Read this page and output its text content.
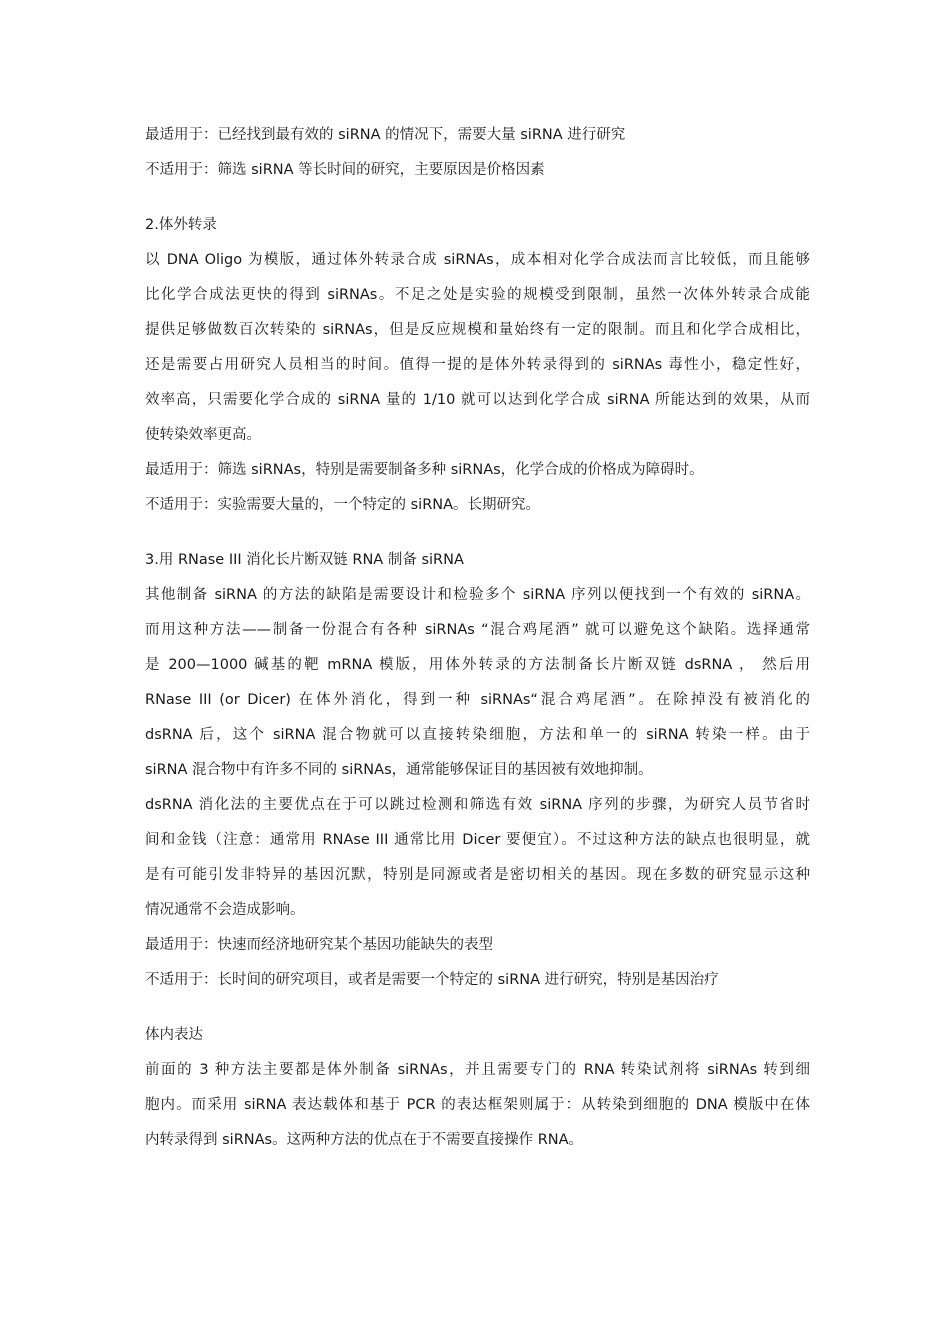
最适用于：已经找到最有效的 siRNA 的情况下，需要大量 siRNA 进行研究
不适用于：筛选 siRNA 等长时间的研究，主要原因是价格因素
2.体外转录
以 DNA Oligo 为模版，通过体外转录合成 siRNAs，成本相对化学合成法而言比较低，而且能够
比化学合成法更快的得到 siRNAs。不足之处是实验的规模受到限制，虽然一次体外转录合成能
提供足够做数百次转染的 siRNAs，但是反应规模和量始终有一定的限制。而且和化学合成相比，
还是需要占用研究人员相当的时间。值得一提的是体外转录得到的 siRNAs 毒性小，稳定性好，
效率高，只需要化学合成的 siRNA 量的 1/10 就可以达到化学合成 siRNA 所能达到的效果，从而
使转染效率更高。
最适用于：筛选 siRNAs，特别是需要制备多种 siRNAs，化学合成的价格成为障碍时。
不适用于：实验需要大量的，一个特定的 siRNA。长期研究。
3.用 RNase III 消化长片断双链 RNA 制备 siRNA
其他制备 siRNA 的方法的缺陷是需要设计和检验多个 siRNA 序列以便找到一个有效的 siRNA。
而用这种方法——制备一份混合有各种 siRNAs “混合鸡尾酒” 就可以避免这个缺陷。选择通常
是 200—1000 碱基的靶 mRNA 模版，用体外转录的方法制备长片断双链 dsRNA ， 然后用
RNase III (or Dicer) 在体外消化，得到一种 siRNAs“混合鸡尾酒”。在除掉没有被消化的
dsRNA 后，这个 siRNA 混合物就可以直接转染细胞，方法和单一的 siRNA 转染一样。由于
siRNA 混合物中有许多不同的 siRNAs，通常能够保证目的基因被有效地抑制。
dsRNA 消化法的主要优点在于可以跳过检测和筛选有效 siRNA 序列的步骤，为研究人员节省时
间和金钱（注意：通常用 RNAse III 通常比用 Dicer 要便宜）。不过这种方法的缺点也很明显，就
是有可能引发非特异的基因沉默，特别是同源或者是密切相关的基因。现在多数的研究显示这种
情况通常不会造成影响。
最适用于：快速而经济地研究某个基因功能缺失的表型
不适用于：长时间的研究项目，或者是需要一个特定的 siRNA 进行研究，特别是基因治疗
体内表达
前面的 3 种方法主要都是体外制备 siRNAs，并且需要专门的 RNA 转染试剂将 siRNAs 转到细
胞内。而采用 siRNA 表达载体和基于 PCR 的表达框架则属于：从转染到细胞的 DNA 模版中在体
内转录得到 siRNAs。这两种方法的优点在于不需要直接操作 RNA。
